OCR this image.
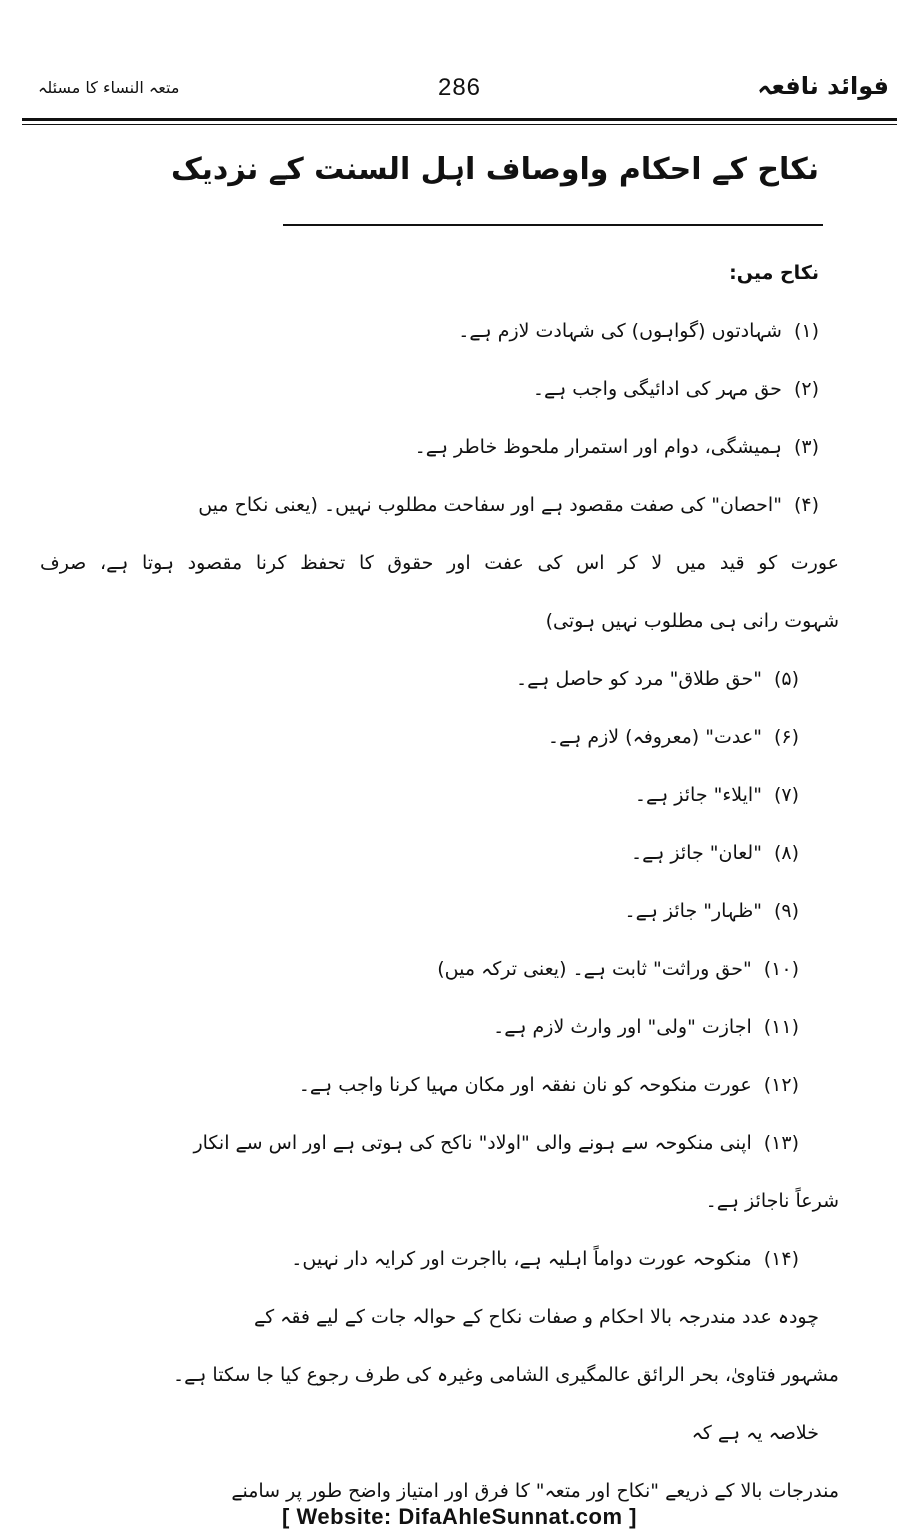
فوائد نافعہ
286
متعہ النساء کا مسئلہ
نکاح کے احکام واوصاف اہل السنت کے نزدیک
نکاح میں:
(۱)شہادتوں (گواہوں) کی شہادت لازم ہے۔
(۲)حق مہر کی ادائیگی واجب ہے۔
(۳)ہمیشگی، دوام اور استمرار ملحوظ خاطر ہے۔
(۴)"احصان" کی صفت مقصود ہے اور سفاحت مطلوب نہیں۔ (یعنی نکاح میں
عورت کو قید میں لا کر اس کی عفت اور حقوق کا تحفظ کرنا مقصود ہوتا ہے، صرف
شہوت رانی ہی مطلوب نہیں ہوتی)
(۵)"حق طلاق" مرد کو حاصل ہے۔
(۶)"عدت" (معروفہ) لازم ہے۔
(۷)"ایلاء" جائز ہے۔
(۸)"لعان" جائز ہے۔
(۹)"ظہار" جائز ہے۔
(۱۰)"حق وراثت" ثابت ہے۔ (یعنی ترکہ میں)
(۱۱)اجازت "ولی" اور وارث لازم ہے۔
(۱۲)عورت منکوحہ کو نان نفقہ اور مکان مہیا کرنا واجب ہے۔
(۱۳)اپنی منکوحہ سے ہونے والی "اولاد" ناکح کی ہوتی ہے اور اس سے انکار
شرعاً ناجائز ہے۔
(۱۴)منکوحہ عورت دواماً اہلیہ ہے، بااجرت اور کرایہ دار نہیں۔
چودہ عدد مندرجہ بالا احکام و صفات نکاح کے حوالہ جات کے لیے فقہ کے
مشہور فتاویٰ، بحر الرائق عالمگیری الشامی وغیرہ کی طرف رجوع کیا جا سکتا ہے۔
خلاصہ یہ ہے کہ
مندرجات بالا کے ذریعے "نکاح اور متعہ" کا فرق اور امتیاز واضح طور پر سامنے
[ Website: DifaAhleSunnat.com ]
